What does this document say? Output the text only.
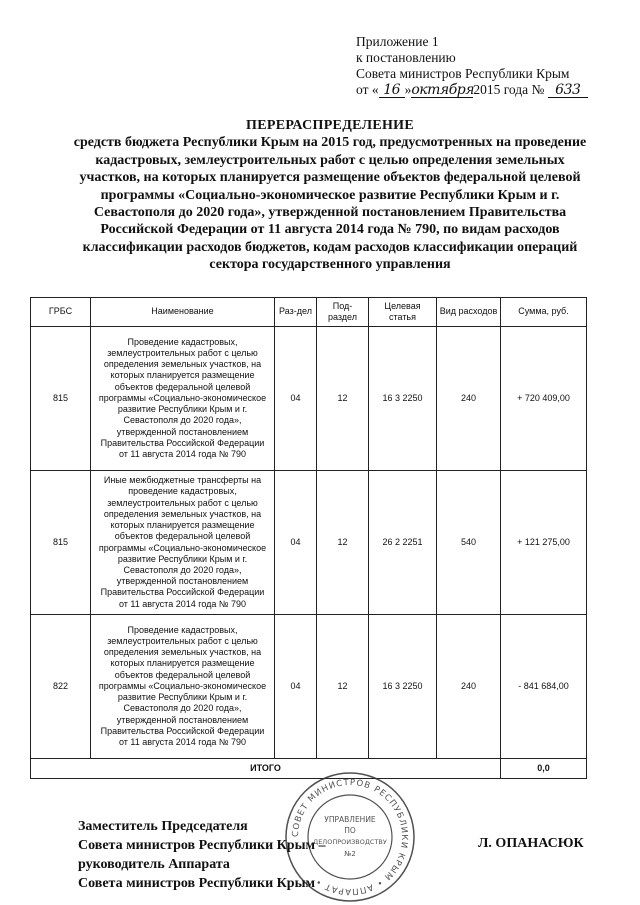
Приложение 1
к постановлению
Совета министров Республики Крым
от « 16 »октября2015 года № 633
ПЕРЕРАСПРЕДЕЛЕНИЕ
средств бюджета Республики Крым на 2015 год, предусмотренных на проведение кадастровых, землеустроительных работ с целью определения земельных участков, на которых планируется размещение объектов федеральной целевой программы «Социально-экономическое развитие Республики Крым и г. Севастополя до 2020 года», утвержденной постановлением Правительства Российской Федерации от 11 августа 2014 года № 790, по видам расходов классификации расходов бюджетов, кодам расходов классификации операций сектора государственного управления
ГРБС	Наименование	Раз-дел	Под-раздел	Целевая статья	Вид расходов	Сумма, руб.
815	Проведение кадастровых, землеустроительных работ с целью определения земельных участков, на которых планируется размещение объектов федеральной целевой программы «Социально-экономическое развитие Республики Крым и г. Севастополя до 2020 года», утвержденной постановлением Правительства Российской Федерации от 11 августа 2014 года № 790	04	12	16 3 2250	240	+ 720 409,00
815	Иные межбюджетные трансферты на проведение кадастровых, землеустроительных работ с целью определения земельных участков, на которых планируется размещение объектов федеральной целевой программы «Социально-экономическое развитие Республики Крым и г. Севастополя до 2020 года», утвержденной постановлением Правительства Российской Федерации от 11 августа 2014 года № 790	04	12	26 2 2251	540	+ 121 275,00
822	Проведение кадастровых, землеустроительных работ с целью определения земельных участков, на которых планируется размещение объектов федеральной целевой программы «Социально-экономическое развитие Республики Крым и г. Севастополя до 2020 года», утвержденной постановлением Правительства Российской Федерации от 11 августа 2014 года № 790	04	12	16 3 2250	240	- 841 684,00
ИТОГО						0,0
СОВЕТ МИНИСТРОВ РЕСПУБЛИКИ КРЫМ • АППАРАТ •
УПРАВЛЕНИЕ
ПО
ДЕЛОПРОИЗВОДСТВУ
№2
Заместитель Председателя
Совета министров Республики Крым –
руководитель Аппарата
Совета министров Республики Крым
Л. ОПАНАСЮК
